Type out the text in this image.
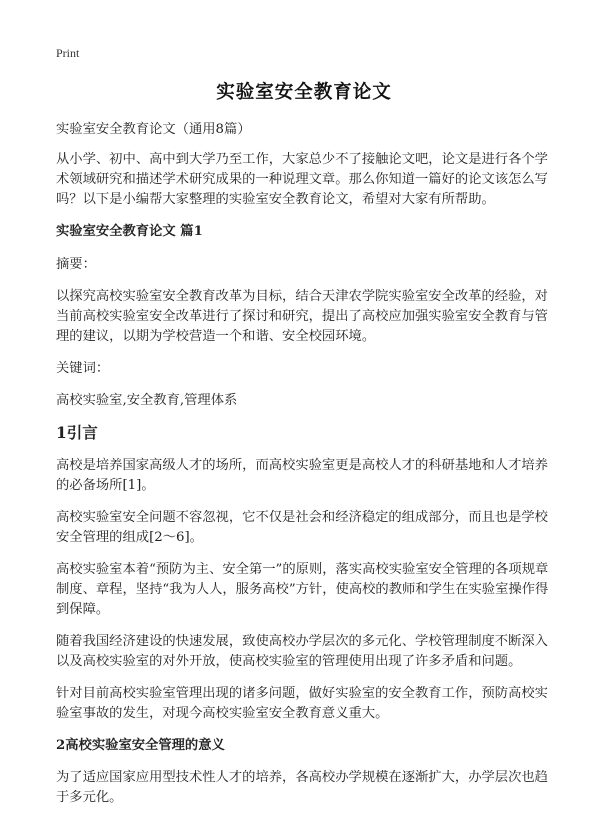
Print
实验室安全教育论文

实验室安全教育论文（通用8篇）

从小学、初中、高中到大学乃至工作，大家总少不了接触论文吧，论文是进行各个学术领域研究和描述学术研究成果的一种说理文章。那么你知道一篇好的论文该怎么写吗？以下是小编帮大家整理的实验室安全教育论文，希望对大家有所帮助。

实验室安全教育论文 篇1

摘要：

以探究高校实验室安全教育改革为目标，结合天津农学院实验室安全改革的经验，对当前高校实验室安全改革进行了探讨和研究，提出了高校应加强实验室安全教育与管理的建议，以期为学校营造一个和谐、安全校园环境。

关键词：

高校实验室,安全教育,管理体系

1引言

高校是培养国家高级人才的场所，而高校实验室更是高校人才的科研基地和人才培养的必备场所[1]。

高校实验室安全问题不容忽视，它不仅是社会和经济稳定的组成部分，而且也是学校安全管理的组成[2～6]。

高校实验室本着“预防为主、安全第一”的原则，落实高校实验室安全管理的各项规章制度、章程，坚持“我为人人，服务高校”方针，使高校的教师和学生在实验室操作得到保障。

随着我国经济建设的快速发展，致使高校办学层次的多元化、学校管理制度不断深入以及高校实验室的对外开放，使高校实验室的管理使用出现了许多矛盾和问题。

针对目前高校实验室管理出现的诸多问题，做好实验室的安全教育工作，预防高校实验室事故的发生，对现今高校实验室安全教育意义重大。

2高校实验室安全管理的意义

为了适应国家应用型技术性人才的培养，各高校办学规模在逐渐扩大，办学层次也趋于多元化。
